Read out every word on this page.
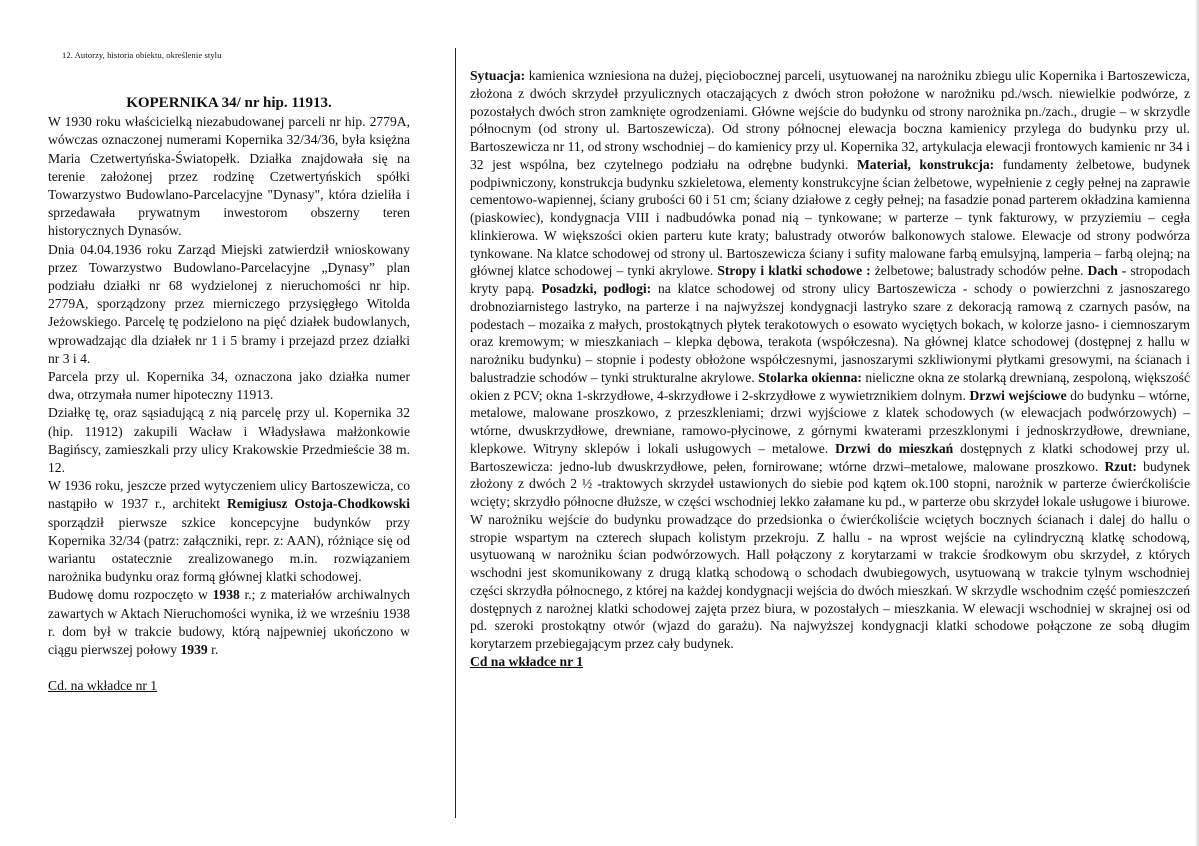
12. Autorzy, historia obiektu, określenie stylu
KOPERNIKA 34/ nr hip. 11913.

W 1930 roku właścicielką niezabudowanej parceli nr hip. 2779A, wówczas oznaczonej numerami Kopernika 32/34/36, była księżna Maria Czetwertyńska-Światopełk. Działka znajdowała się na terenie założonej przez rodzinę Czetwertyńskich spółki Towarzystwo Budowlano-Parcelacyjne "Dynasy", która dzieliła i sprzedawała prywatnym inwestorom obszerny teren historycznych Dynasów.

Dnia 04.04.1936 roku Zarząd Miejski zatwierdził wnioskowany przez Towarzystwo Budowlano-Parcelacyjne „Dynasy” plan podziału działki nr 68 wydzielonej z nieruchomości nr hip. 2779A, sporządzony przez mierniczego przysięgłego Witolda Jeżowskiego. Parcelę tę podzielono na pięć działek budowlanych, wprowadzając dla działek nr 1 i 5 bramy i przejazd przez działki nr 3 i 4.

Parcela przy ul. Kopernika 34, oznaczona jako działka numer dwa, otrzymała numer hipoteczny 11913.

Działkę tę, oraz sąsiadującą z nią parcelę przy ul. Kopernika 32 (hip. 11912) zakupili Wacław i Władysława małżonkowie Bagińscy, zamieszkali przy ulicy Krakowskie Przedmieście 38 m. 12.

W 1936 roku, jeszcze przed wytyczeniem ulicy Bartoszewicza, co nastąpiło w 1937 r., architekt Remigiusz Ostoja-Chodkowski sporządził pierwsze szkice koncepcyjne budynków przy Kopernika 32/34 (patrz: załączniki, repr. z: AAN), różniące się od wariantu ostatecznie zrealizowanego m.in. rozwiązaniem narożnika budynku oraz formą głównej klatki schodowej.

Budowę domu rozpoczęto w 1938 r.; z materiałów archiwalnych zawartych w Aktach Nieruchomości wynika, iż we wrześniu 1938 r. dom był w trakcie budowy, którą najpewniej ukończono w ciągu pierwszej połowy 1939 r.

Cd. na wkładce nr 1

Sytuacja: kamienica wzniesiona na dużej, pięciobocznej parceli, usytuowanej na narożniku zbiegu ulic Kopernika i Bartoszewicza, złożona z dwóch skrzydeł przyulicznych otaczających z dwóch stron położone w narożniku pd./wsch. niewielkie podwórze, z pozostałych dwóch stron zamknięte ogrodzeniami. Główne wejście do budynku od strony narożnika pn./zach., drugie – w skrzydle północnym (od strony ul. Bartoszewicza). Od strony północnej elewacja boczna kamienicy przylega do budynku przy ul. Bartoszewicza nr 11, od strony wschodniej – do kamienicy przy ul. Kopernika 32, artykulacja elewacji frontowych kamienic nr 34 i 32 jest wspólna, bez czytelnego podziału na odrębne budynki. Materiał, konstrukcja: fundamenty żelbetowe, budynek podpiwniczony, konstrukcja budynku szkieletowa, elementy konstrukcyjne ścian żelbetowe, wypełnienie z cegły pełnej na zaprawie cementowo-wapiennej, ściany grubości 60 i 51 cm; ściany działowe z cegły pełnej; na fasadzie ponad parterem okładzina kamienna (piaskowiec), kondygnacja VIII i nadbudówka ponad nią – tynkowane; w parterze – tynk fakturowy, w przyziemiu – cegła klinkierowa. W większości okien parteru kute kraty; balustrady otworów balkonowych stalowe. Elewacje od strony podwórza tynkowane. Na klatce schodowej od strony ul. Bartoszewicza ściany i sufity malowane farbą emulsyjną, lamperia – farbą olejną; na głównej klatce schodowej – tynki akrylowe. Stropy i klatki schodowe : żelbetowe; balustrady schodów pełne. Dach - stropodach kryty papą. Posadzki, podłogi: na klatce schodowej od strony ulicy Bartoszewicza - schody o powierzchni z jasnoszarego drobnoziarnistego lastryko, na parterze i na najwyższej kondygnacji lastryko szare z dekoracją ramową z czarnych pasów, na podestach – mozaika z małych, prostokątnych płytek terakotowych o esowato wyciętych bokach, w kolorze jasno- i ciemnoszarym oraz kremowym; w mieszkaniach – klepka dębowa, terakota (współczesna). Na głównej klatce schodowej (dostępnej z hallu w narożniku budynku) – stopnie i podesty obłożone współczesnymi, jasnoszarymi szkliwionymi płytkami gresowymi, na ścianach i balustradzie schodów – tynki strukturalne akrylowe. Stolarka okienna: nieliczne okna ze stolarką drewnianą, zespoloną, większość okien z PCV; okna 1-skrzydłowe, 4-skrzydłowe i 2-skrzydłowe z wywietrznikiem dolnym. Drzwi wejściowe do budynku – wtórne, metalowe, malowane proszkowo, z przeszkleniami; drzwi wyjściowe z klatek schodowych (w elewacjach podwórzowych) – wtórne, dwuskrzydłowe, drewniane, ramowo-płycinowe, z górnymi kwaterami przeszklonymi i jednoskrzydłowe, drewniane, klepkowe. Witryny sklepów i lokali usługowych – metalowe. Drzwi do mieszkań dostępnych z klatki schodowej przy ul. Bartoszewicza: jedno-lub dwuskrzydłowe, pełen, fornirowane; wtórne drzwi–metalowe, malowane proszkowo. Rzut: budynek złożony z dwóch 2 ½ -traktowych skrzydeł ustawionych do siebie pod kątem ok.100 stopni, narożnik w parterze ćwierćkoliście wcięty; skrzydło północne dłuższe, w części wschodniej lekko załamane ku pd., w parterze obu skrzydeł lokale usługowe i biurowe. W narożniku wejście do budynku prowadzące do przedsionka o ćwierćkoliście wciętych bocznych ścianach i dalej do hallu o stropie wspartym na czterech słupach kolistym przekroju. Z hallu - na wprost wejście na cylindryczną klatkę schodową, usytuowaną w narożniku ścian podwórzowych. Hall połączony z korytarzami w trakcie środkowym obu skrzydeł, z których wschodni jest skomunikowany z drugą klatką schodową o schodach dwubiegowych, usytuowaną w trakcie tylnym wschodniej części skrzydła północnego, z której na każdej kondygnacji wejścia do dwóch mieszkań. W skrzydle wschodnim część pomieszczeń dostępnych z narożnej klatki schodowej zajęta przez biura, w pozostałych – mieszkania. W elewacji wschodniej w skrajnej osi od pd. szeroki prostokątny otwór (wjazd do garażu). Na najwyższej kondygnacji klatki schodowe połączone ze sobą długim korytarzem przebiegającym przez cały budynek.

Cd na wkładce nr 1
